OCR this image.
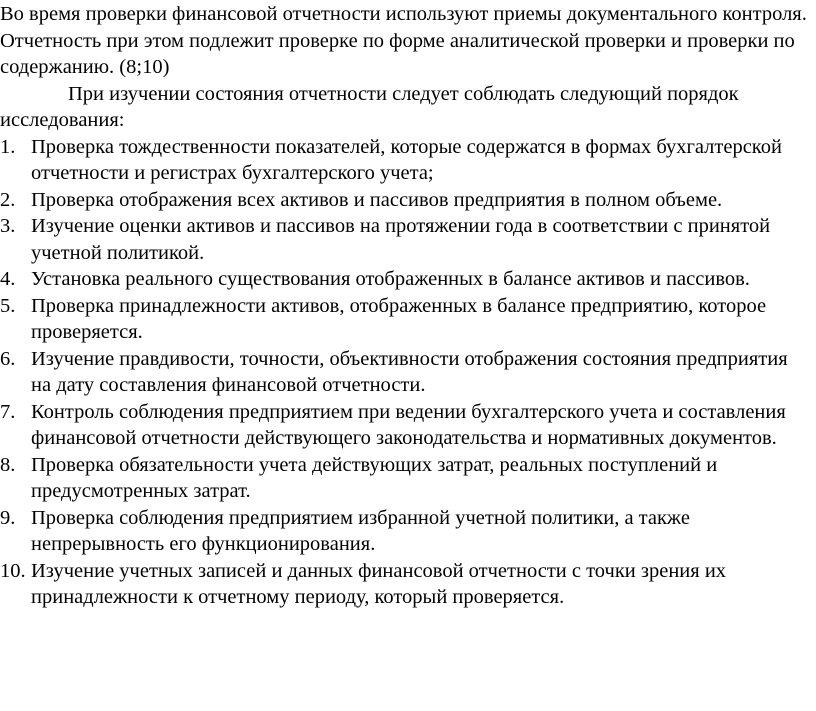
Во время проверки финансовой отчетности используют приемы документального контроля. Отчетность при этом подлежит проверке по форме аналитической проверки и проверки по содержанию. (8;10)

При изучении состояния отчетности следует соблюдать следующий порядок исследования:

1. Проверка тождественности показателей, которые содержатся в формах бухгалтерской отчетности и регистрах бухгалтерского учета;
2. Проверка отображения всех активов и пассивов предприятия в полном объеме.
3. Изучение оценки активов и пассивов на протяжении года в соответствии с принятой учетной политикой.
4. Установка реального существования отображенных в балансе активов и пассивов.
5. Проверка принадлежности активов, отображенных в балансе предприятию, которое проверяется.
6. Изучение правдивости, точности, объективности отображения состояния предприятия на дату составления финансовой отчетности.
7. Контроль соблюдения предприятием при ведении бухгалтерского учета и составления финансовой отчетности действующего законодательства и нормативных документов.
8. Проверка обязательности учета действующих затрат, реальных поступлений и предусмотренных затрат.
9. Проверка соблюдения предприятием избранной учетной политики, а также непрерывность его функционирования.
10. Изучение учетных записей и данных финансовой отчетности с точки зрения их принадлежности к отчетному периоду, который проверяется.
